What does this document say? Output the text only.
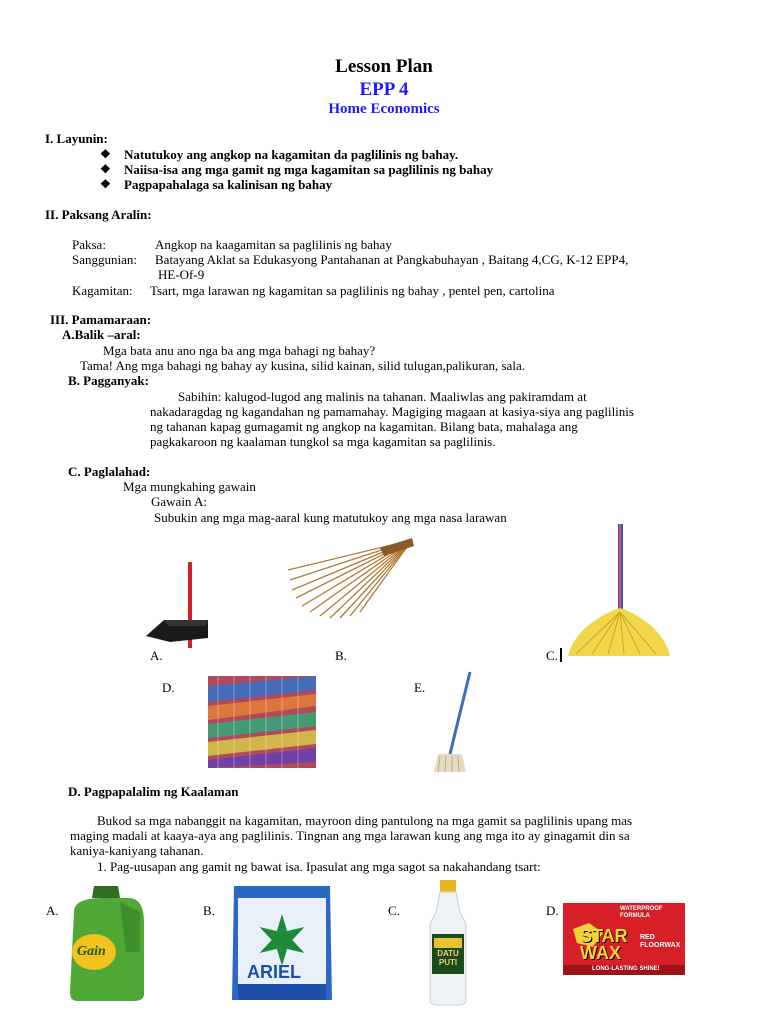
Lesson Plan
EPP 4
Home Economics
I. Layunin:
❖ Natutukoy ang angkop na kagamitan da paglilinis ng bahay.
❖ Naiisa-isa ang mga gamit ng mga kagamitan sa paglilinis ng bahay
❖ Pagpapahalaga sa kalinisan ng bahay
II. Paksang Aralin:
Paksa:	Angkop na kaagamitan sa paglilinis ng bahay
Sanggunian: Batayang Aklat sa Edukasyong Pantahanan at Pangkabuhayan , Baitang 4,CG, K-12 EPP4,
HE-Of-9
Kagamitan: Tsart, mga larawan ng kagamitan sa paglilinis ng bahay , pentel pen, cartolina
III. Pamamaraan:
A.Balik –aral:
Mga bata anu ano nga ba ang mga bahagi ng bahay?
Tama! Ang mga bahagi ng bahay ay kusina, silid kainan, silid tulugan,palikuran, sala.
B. Pagganyak:
Sabihin: kalugod-lugod ang malinis na tahanan. Maaliwlas ang pakiramdam at
nakadaragdag ng kagandahan ng pamamahay. Magiging magaan at kasiya-siya ang paglilinis
ng tahanan kapag gumagamit ng angkop na kagamitan. Bilang bata, mahalaga ang
pagkakaroon ng kaalaman tungkol sa mga kagamitan sa paglilinis.
C. Paglalahad:
Mga mungkahing gawain
Gawain A:
Subukin ang mga mag-aaral kung matutukoy ang mga nasa larawan
A.	B.	C.
D.	E.
D. Pagpapalalim ng Kaalaman
Bukod sa mga nabanggit na kagamitan, mayroon ding pantulong na mga gamit sa paglilinis upang mas
maging madali at kaaya-aya ang paglilinis. Tingnan ang mga larawan kung ang mga ito ay ginagamit din sa
kaniya-kaniyang tahanan.
1. Pag-uusapan ang gamit ng bawat isa. Ipasulat ang mga sagot sa nakahandang tsart:
A.
Gain
B.
ARIEL
C.
DATU PUTI
D.	WATERPROOF FORMULA
STAR WAX
RED FLOORWAX
LONG-LASTING SHINE!
